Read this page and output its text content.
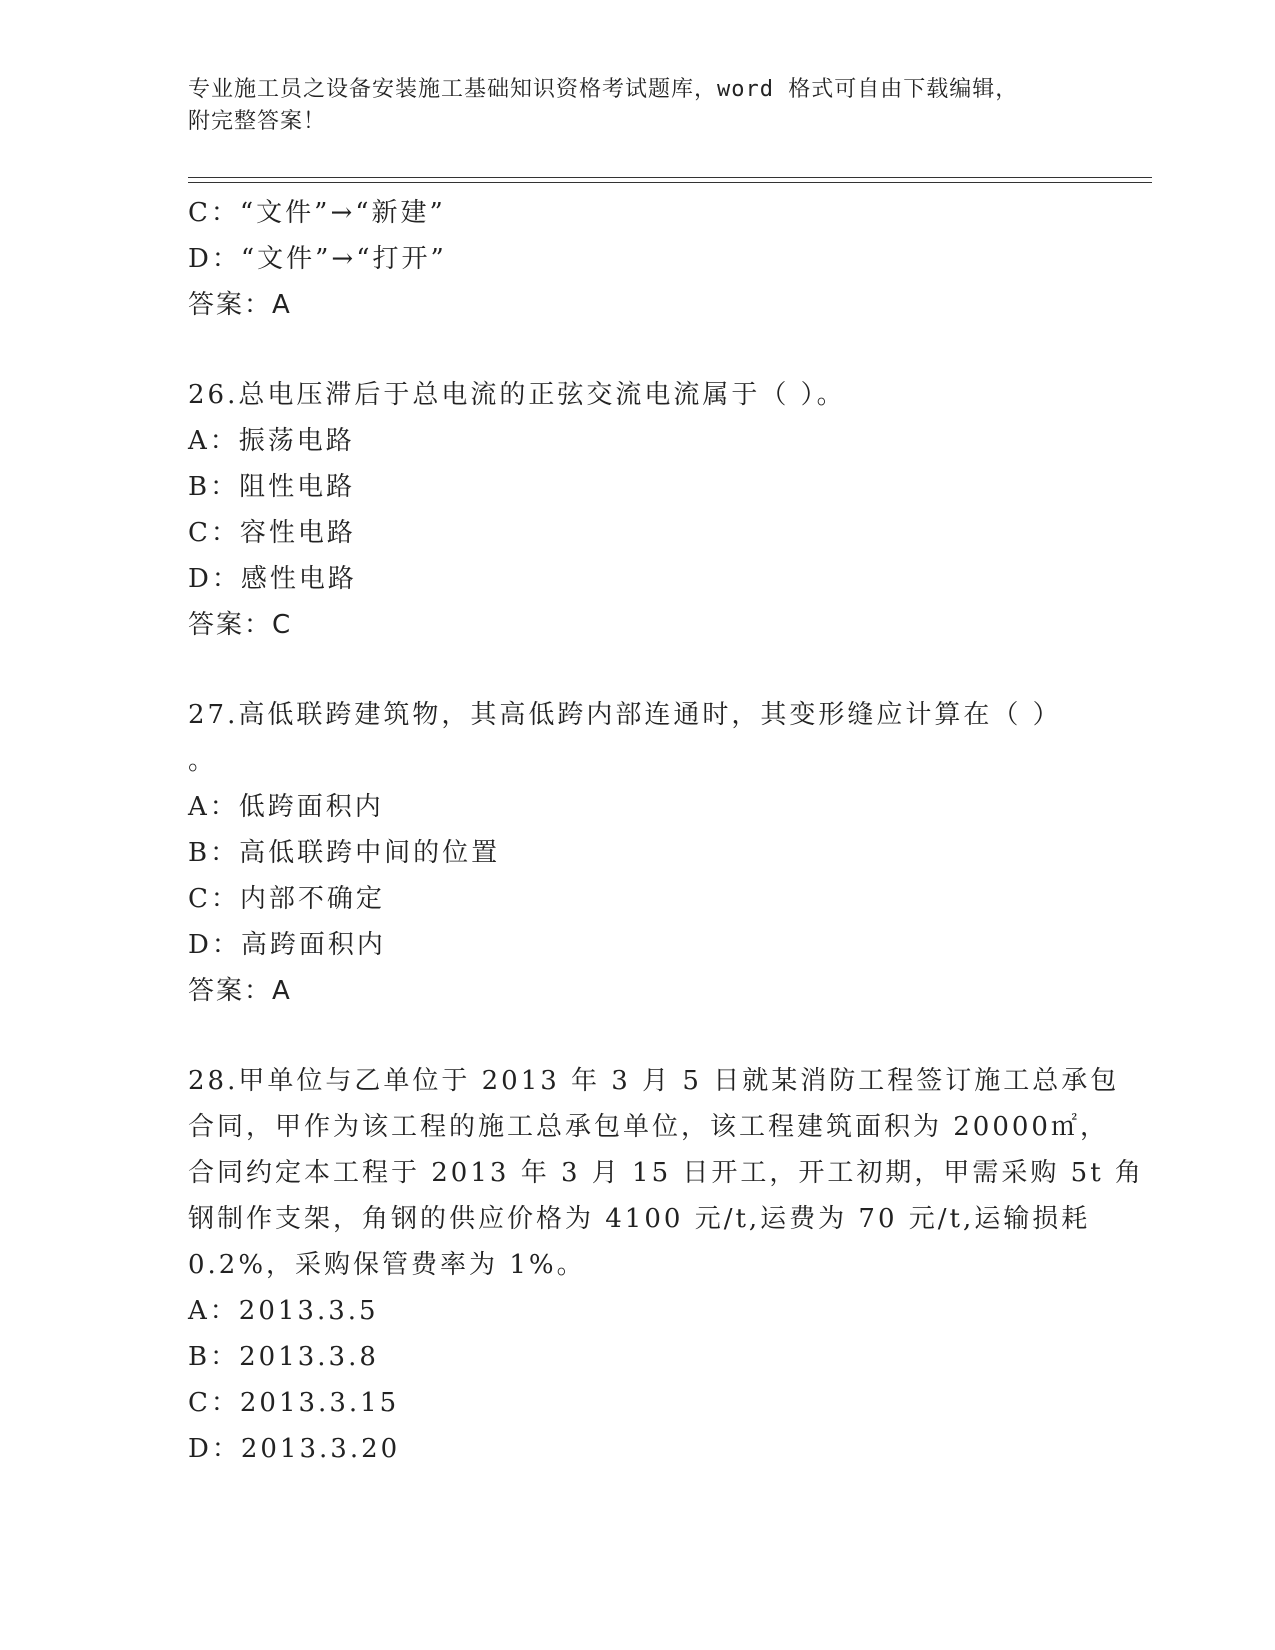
专业施工员之设备安装施工基础知识资格考试题库，word 格式可自由下载编辑，
附完整答案！
C：“文件”→“新建”
D：“文件”→“打开”
答案：A
26.总电压滞后于总电流的正弦交流电流属于（ ）。
A：振荡电路
B：阻性电路
C：容性电路
D：感性电路
答案：C
27.高低联跨建筑物，其高低跨内部连通时，其变形缝应计算在（ ）
。
A：低跨面积内
B：高低联跨中间的位置
C：内部不确定
D：高跨面积内
答案：A
28.甲单位与乙单位于 2013 年 3 月 5 日就某消防工程签订施工总承包
合同，甲作为该工程的施工总承包单位，该工程建筑面积为 20000㎡，
合同约定本工程于 2013 年 3 月 15 日开工，开工初期，甲需采购 5t 角
钢制作支架，角钢的供应价格为 4100 元/t,运费为 70 元/t,运输损耗
0.2%，采购保管费率为 1%。
A：2013.3.5
B：2013.3.8
C：2013.3.15
D：2013.3.20
